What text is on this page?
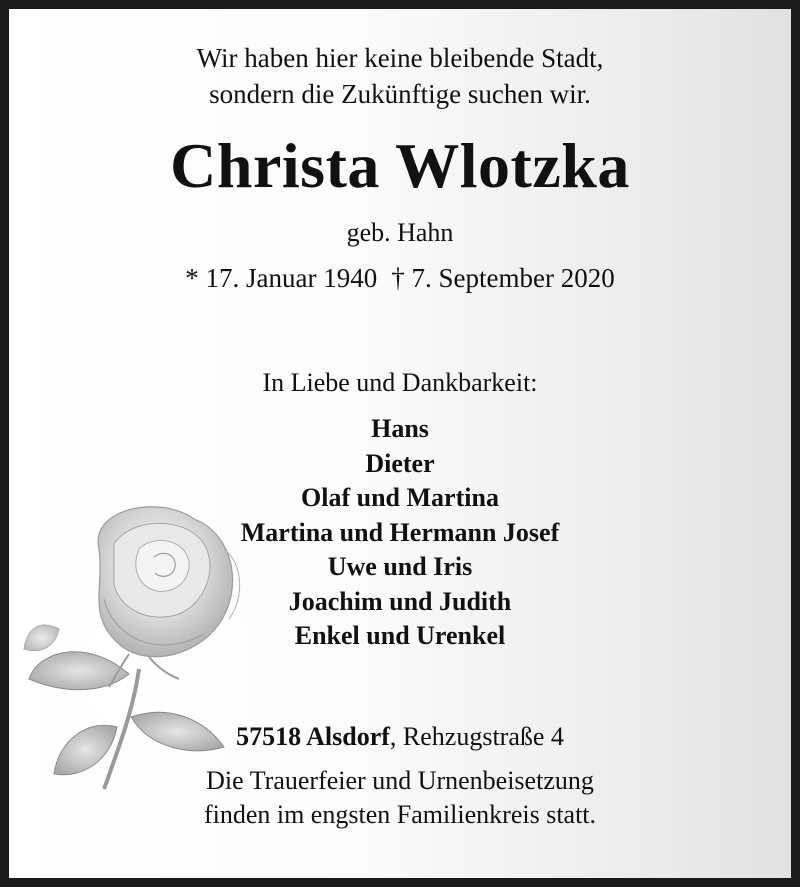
Wir haben hier keine bleibende Stadt,
sondern die Zukünftige suchen wir.
Christa Wlotzka
geb. Hahn
* 17. Januar 1940 † 7. September 2020
In Liebe und Dankbarkeit:
Hans
Dieter
Olaf und Martina
Martina und Hermann Josef
Uwe und Iris
Joachim und Judith
Enkel und Urenkel
57518 Alsdorf, Rehzugstraße 4
Die Trauerfeier und Urnenbeisetzung
finden im engsten Familienkreis statt.
